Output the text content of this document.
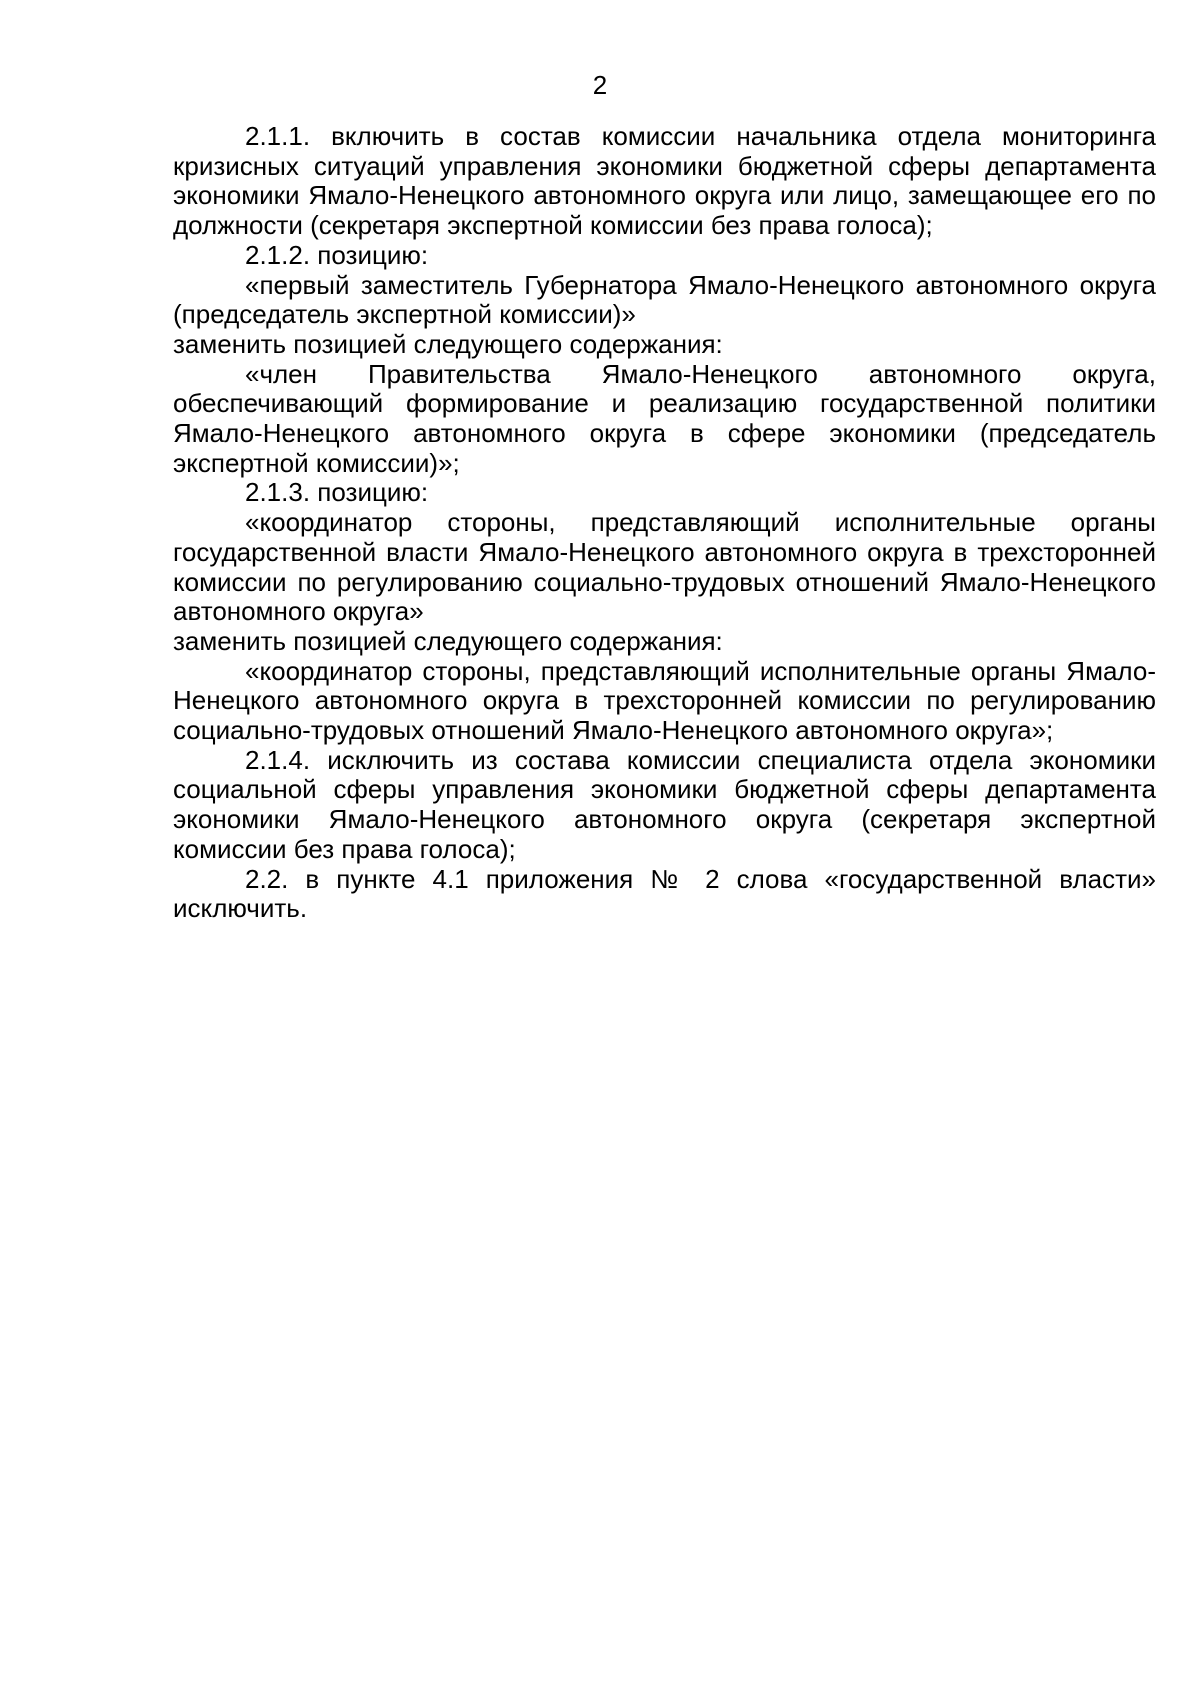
2

2.1.1. включить в состав комиссии начальника отдела мониторинга кризисных ситуаций управления экономики бюджетной сферы департамента экономики Ямало-Ненецкого автономного округа или лицо, замещающее его по должности (секретаря экспертной комиссии без права голоса);

2.1.2. позицию:

«первый заместитель Губернатора Ямало-Ненецкого автономного округа (председатель экспертной комиссии)»

заменить позицией следующего содержания:

«член Правительства Ямало-Ненецкого автономного округа, обеспечивающий формирование и реализацию государственной политики Ямало-Ненецкого автономного округа в сфере экономики (председатель экспертной комиссии)»;

2.1.3. позицию:

«координатор стороны, представляющий исполнительные органы государственной власти Ямало-Ненецкого автономного округа в трехсторонней комиссии по регулированию социально-трудовых отношений Ямало-Ненецкого автономного округа»

заменить позицией следующего содержания:

«координатор стороны, представляющий исполнительные органы Ямало-Ненецкого автономного округа в трехсторонней комиссии по регулированию социально-трудовых отношений Ямало-Ненецкого автономного округа»;

2.1.4. исключить из состава комиссии специалиста отдела экономики социальной сферы управления экономики бюджетной сферы департамента экономики Ямало-Ненецкого автономного округа (секретаря экспертной комиссии без права голоса);

2.2. в пункте 4.1 приложения № 2 слова «государственной власти» исключить.
